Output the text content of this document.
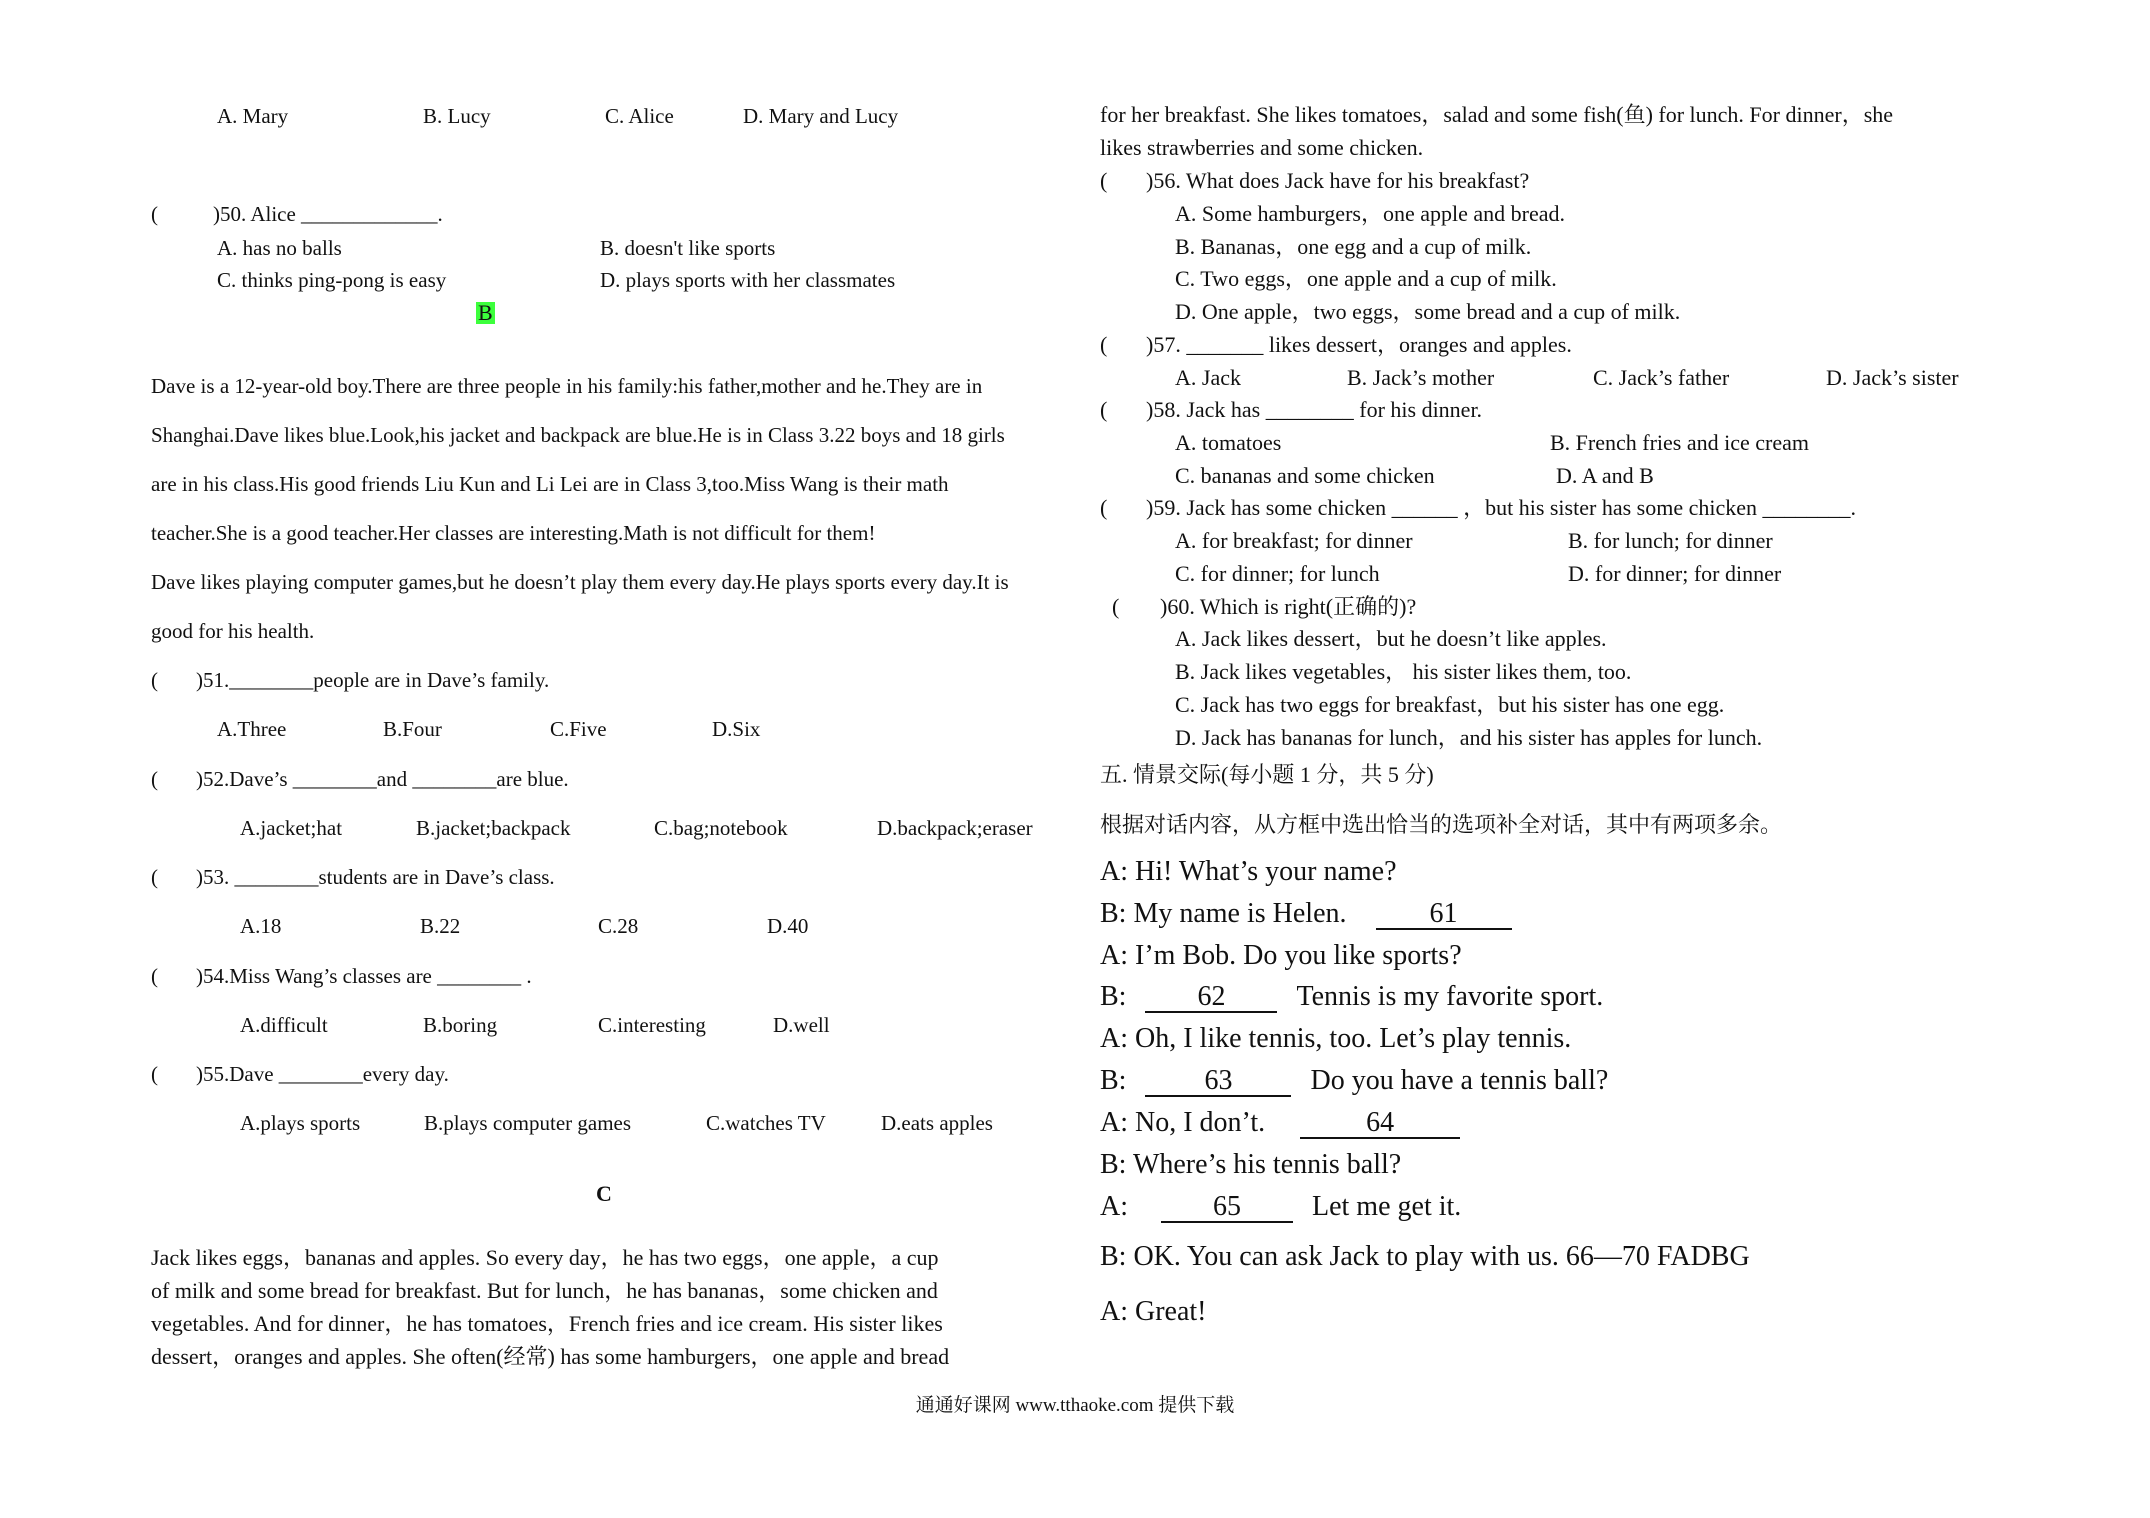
A. Mary	B. Lucy	C. Alice	D. Mary and Lucy
(	)50. Alice _____________.
A. has no balls	B. doesn't like sports
C. thinks ping-pong is easy	D. plays sports with her classmates
B
Dave is a 12-year-old boy.There are three people in his family:his father,mother and he.They are in
Shanghai.Dave likes blue.Look,his jacket and backpack are blue.He is in Class 3.22 boys and 18 girls
are in his class.His good friends Liu Kun and Li Lei are in Class 3,too.Miss Wang is their math
teacher.She is a good teacher.Her classes are interesting.Math is not difficult for them!
Dave likes playing computer games,but he doesn’t play them every day.He plays sports every day.It is
good for his health.
( )51.________people are in Dave’s family.
A.Three	B.Four	C.Five	D.Six
( )52.Dave’s ________and ________are blue.
A.jacket;hat	B.jacket;backpack	C.bag;notebook	D.backpack;eraser
( )53. ________students are in Dave’s class.
A.18	B.22	C.28	D.40
( )54.Miss Wang’s classes are ________ .
A.difficult	B.boring	C.interesting	D.well
( )55.Dave ________every day.
A.plays sports	B.plays computer games	C.watches TV	D.eats apples
C
Jack likes eggs，bananas and apples. So every day，he has two eggs，one apple，a cup
of milk and some bread for breakfast. But for lunch，he has bananas，some chicken and
vegetables. And for dinner，he has tomatoes，French fries and ice cream. His sister likes
dessert，oranges and apples. She often(经常) has some hamburgers，one apple and bread
for her breakfast. She likes tomatoes，salad and some fish(鱼) for lunch. For dinner，she
likes strawberries and some chicken.
( )56. What does Jack have for his breakfast?
A. Some hamburgers，one apple and bread.
B. Bananas，one egg and a cup of milk.
C. Two eggs，one apple and a cup of milk.
D. One apple，two eggs，some bread and a cup of milk.
( )57. _______ likes dessert，oranges and apples.
A. Jack	B. Jack’s mother	C. Jack’s father	D. Jack’s sister
( )58. Jack has ________ for his dinner.
A. tomatoes	B. French fries and ice cream
C. bananas and some chicken	D. A and B
( )59. Jack has some chicken ______ ，but his sister has some chicken ________.
A. for breakfast; for dinner	B. for lunch; for dinner
C. for dinner; for lunch	D. for dinner; for dinner
( )60. Which is right(正确的)?
A. Jack likes dessert，but he doesn’t like apples.
B. Jack likes vegetables， his sister likes them, too.
C. Jack has two eggs for breakfast，but his sister has one egg.
D. Jack has bananas for lunch，and his sister has apples for lunch.
五. 情景交际(每小题 1 分，共 5 分)
根据对话内容，从方框中选出恰当的选项补全对话，其中有两项多余。
A: Hi! What’s your name?
B: My name is Helen.	61
A: I’m Bob. Do you like sports?
B:	62	Tennis is my favorite sport.
A: Oh, I like tennis, too. Let’s play tennis.
B:	63	Do you have a tennis ball?
A: No, I don’t.	64
B: Where’s his tennis ball?
A:	65	Let me get it.
B: OK. You can ask Jack to play with us. 66—70 FADBG
A: Great!
通通好课网 www.tthaoke.com 提供下载
